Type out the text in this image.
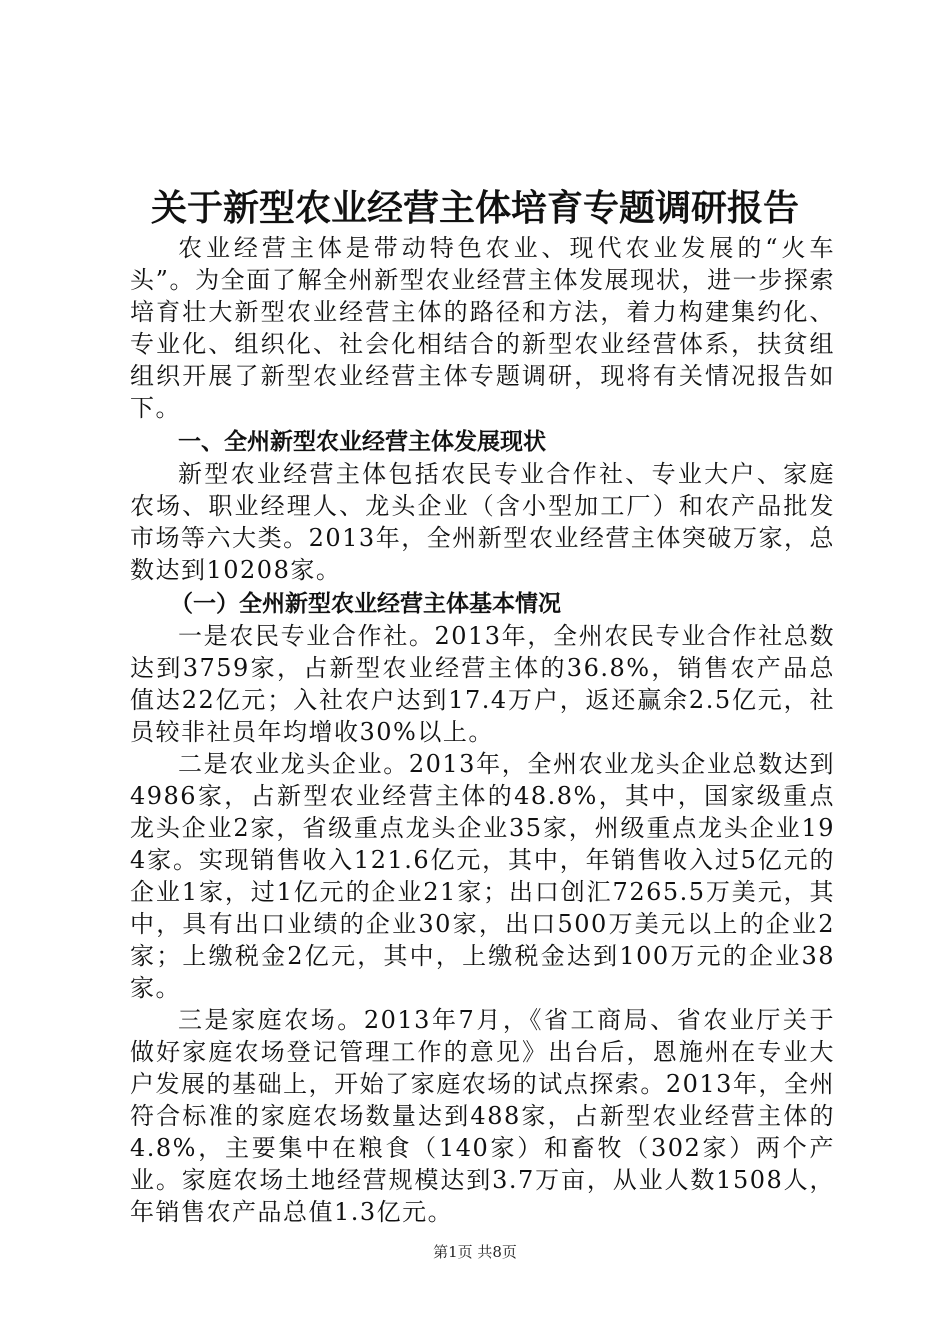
关于新型农业经营主体培育专题调研报告

农业经营主体是带动特色农业、现代农业发展的“火车头”。为全面了解全州新型农业经营主体发展现状，进一步探索培育壮大新型农业经营主体的路径和方法，着力构建集约化、专业化、组织化、社会化相结合的新型农业经营体系，扶贫组组织开展了新型农业经营主体专题调研，现将有关情况报告如下。

一、全州新型农业经营主体发展现状

新型农业经营主体包括农民专业合作社、专业大户、家庭农场、职业经理人、龙头企业（含小型加工厂）和农产品批发市场等六大类。2013年，全州新型农业经营主体突破万家，总数达到10208家。

（一）全州新型农业经营主体基本情况

一是农民专业合作社。2013年，全州农民专业合作社总数达到3759家，占新型农业经营主体的36.8%，销售农产品总值达22亿元；入社农户达到17.4万户，返还赢余2.5亿元，社员较非社员年均增收30%以上。

二是农业龙头企业。2013年，全州农业龙头企业总数达到4986家，占新型农业经营主体的48.8%，其中，国家级重点龙头企业2家，省级重点龙头企业35家，州级重点龙头企业194家。实现销售收入121.6亿元，其中，年销售收入过5亿元的企业1家，过1亿元的企业21家；出口创汇7265.5万美元，其中，具有出口业绩的企业30家，出口500万美元以上的企业2家；上缴税金2亿元，其中，上缴税金达到100万元的企业38家。

三是家庭农场。2013年7月，《省工商局、省农业厅关于做好家庭农场登记管理工作的意见》出台后，恩施州在专业大户发展的基础上，开始了家庭农场的试点探索。2013年，全州符合标准的家庭农场数量达到488家，占新型农业经营主体的4.8%，主要集中在粮食（140家）和畜牧（302家）两个产业。家庭农场土地经营规模达到3.7万亩，从业人数1508人，年销售农产品总值1.3亿元。

第1页 共8页
